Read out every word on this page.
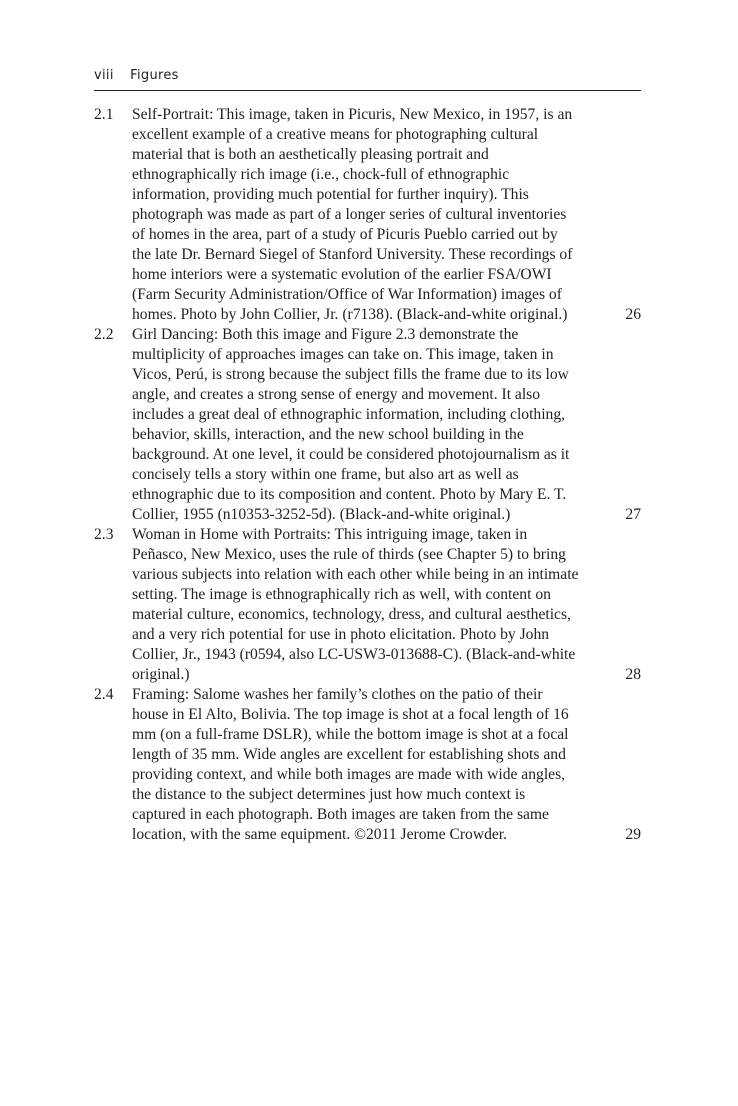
viii Figures
2.1 Self-Portrait: This image, taken in Picuris, New Mexico, in 1957, is an excellent example of a creative means for photographing cultural material that is both an aesthetically pleasing portrait and ethnographically rich image (i.e., chock-full of ethnographic information, providing much potential for further inquiry). This photograph was made as part of a longer series of cultural inventories of homes in the area, part of a study of Picuris Pueblo carried out by the late Dr. Bernard Siegel of Stanford University. These recordings of home interiors were a systematic evolution of the earlier FSA/OWI (Farm Security Administration/Office of War Information) images of homes. Photo by John Collier, Jr. (r7138). (Black-and-white original.)	26
2.2 Girl Dancing: Both this image and Figure 2.3 demonstrate the multiplicity of approaches images can take on. This image, taken in Vicos, Perú, is strong because the subject fills the frame due to its low angle, and creates a strong sense of energy and movement. It also includes a great deal of ethnographic information, including clothing, behavior, skills, interaction, and the new school building in the background. At one level, it could be considered photojournalism as it concisely tells a story within one frame, but also art as well as ethnographic due to its composition and content. Photo by Mary E. T. Collier, 1955 (n10353-3252-5d). (Black-and-white original.)	27
2.3 Woman in Home with Portraits: This intriguing image, taken in Peñasco, New Mexico, uses the rule of thirds (see Chapter 5) to bring various subjects into relation with each other while being in an intimate setting. The image is ethnographically rich as well, with content on material culture, economics, technology, dress, and cultural aesthetics, and a very rich potential for use in photo elicitation. Photo by John Collier, Jr., 1943 (r0594, also LC-USW3-013688-C). (Black-and-white original.)	28
2.4 Framing: Salome washes her family’s clothes on the patio of their house in El Alto, Bolivia. The top image is shot at a focal length of 16 mm (on a full-frame DSLR), while the bottom image is shot at a focal length of 35 mm. Wide angles are excellent for establishing shots and providing context, and while both images are made with wide angles, the distance to the subject determines just how much context is captured in each photograph. Both images are taken from the same location, with the same equipment. ©2011 Jerome Crowder.	29
